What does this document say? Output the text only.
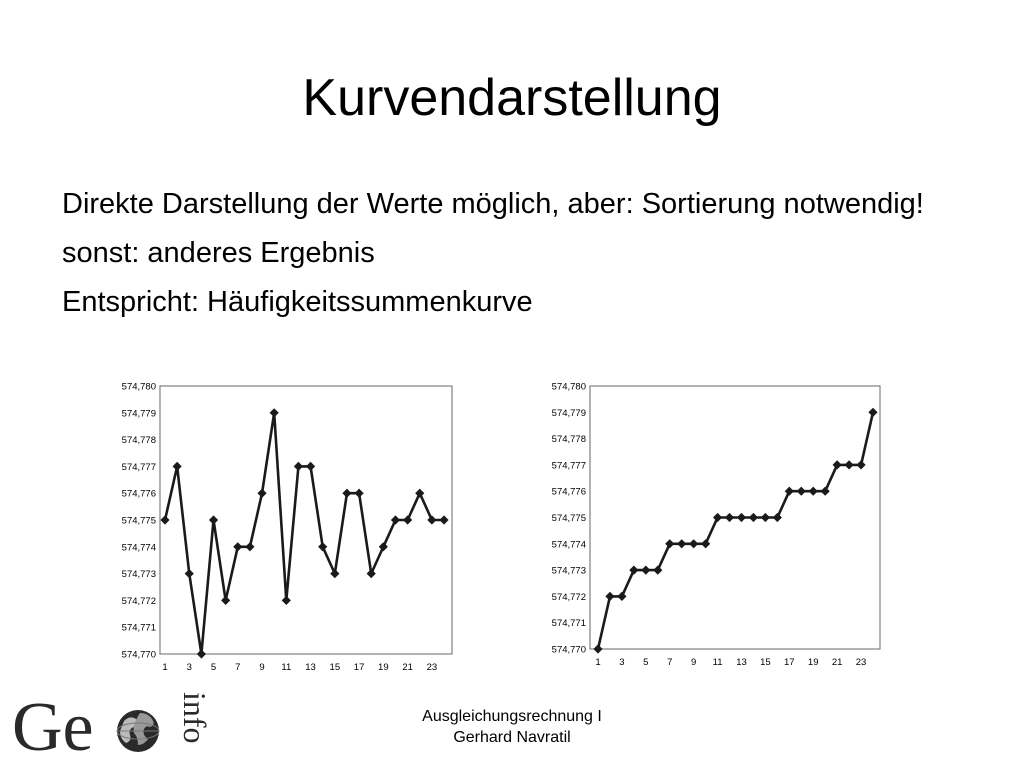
Kurvendarstellung

Direkte Darstellung der Werte möglich, aber: Sortierung notwendig!

sonst: anderes Ergebnis

Entspricht: Häufigkeitssummenkurve

574,770
574,771
574,772
574,773
574,774
574,775
574,776
574,777
574,778
574,779
574,780
1 3 5 7 9 11 13 15 17 19 21 23
574,770
574,771
574,772
574,773
574,774
574,775
574,776
574,777
574,778
574,779
574,780
1 3 5 7 9 11 13 15 17 19 21 23
Ausgleichungsrechnung I
Gerhard Navratil
Ge	info
